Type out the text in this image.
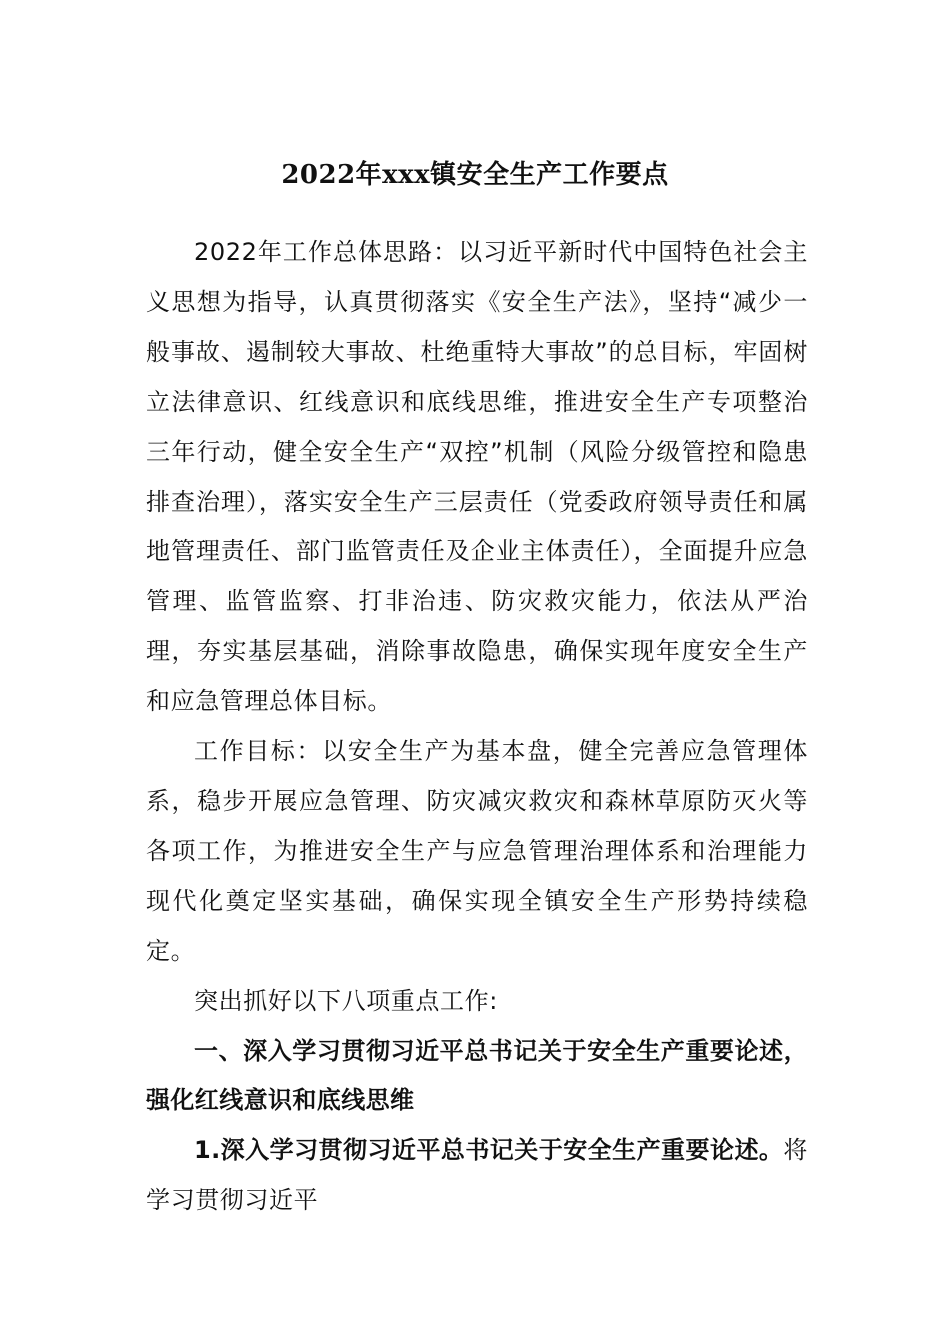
2022年xxx镇安全生产工作要点

2022年工作总体思路：以习近平新时代中国特色社会主义思想为指导，认真贯彻落实《安全生产法》，坚持“减少一般事故、遏制较大事故、杜绝重特大事故”的总目标，牢固树立法律意识、红线意识和底线思维，推进安全生产专项整治三年行动，健全安全生产“双控”机制（风险分级管控和隐患排查治理），落实安全生产三层责任（党委政府领导责任和属地管理责任、部门监管责任及企业主体责任），全面提升应急管理、监管监察、打非治违、防灾救灾能力，依法从严治理，夯实基层基础，消除事故隐患，确保实现年度安全生产和应急管理总体目标。

工作目标：以安全生产为基本盘，健全完善应急管理体系，稳步开展应急管理、防灾减灾救灾和森林草原防灭火等各项工作，为推进安全生产与应急管理治理体系和治理能力现代化奠定坚实基础，确保实现全镇安全生产形势持续稳定。

突出抓好以下八项重点工作:

一、深入学习贯彻习近平总书记关于安全生产重要论述，强化红线意识和底线思维

1.深入学习贯彻习近平总书记关于安全生产重要论述。将学习贯彻习近平
